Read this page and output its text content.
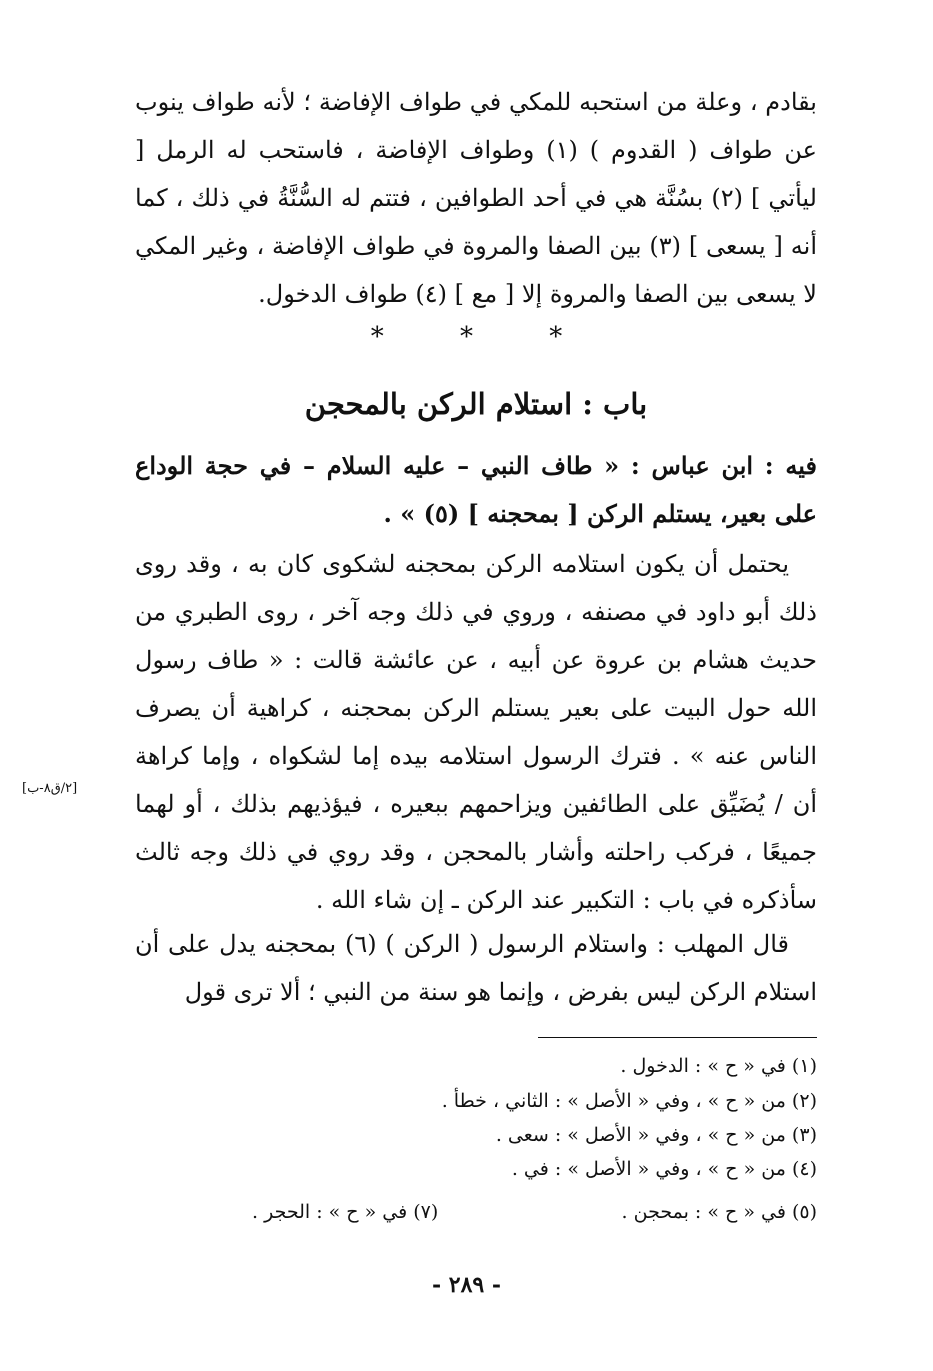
بقادم ، وعلة من استحبه للمكي في طواف الإفاضة ؛ لأنه طواف ينوب عن طواف ( القدوم ) (١) وطواف الإفاضة ، فاستحب له الرمل [ ليأتي ] (٢) بسُنَّة هي في أحد الطوافين ، فتتم له السُّنَّةُ في ذلك ، كما أنه [ يسعى ] (٣) بين الصفا والمروة في طواف الإفاضة ، وغير المكي لا يسعى بين الصفا والمروة إلا [ مع ] (٤) طواف الدخول.

*	*	*
باب : استلام الركن بالمحجن

فيه : ابن عباس : « طاف النبي – عليه السلام – في حجة الوداع على بعير، يستلم الركن [ بمحجنه ] (٥) » .

يحتمل أن يكون استلامه الركن بمحجنه لشكوى كان به ، وقد روى ذلك أبو داود في مصنفه ، وروي في ذلك وجه آخر ، روى الطبري من حديث هشام بن عروة عن أبيه ، عن عائشة قالت : « طاف رسول الله حول البيت على بعير يستلم الركن بمحجنه ، كراهية أن يصرف الناس عنه » . فترك الرسول استلامه بيده إما لشكواه ، وإما كراهة أن / يُضَيِّق على الطائفين ويزاحمهم ببعيره ، فيؤذيهم بذلك ، أو لهما جميعًا ، فركب راحلته وأشار بالمحجن ، وقد روي في ذلك وجه ثالث سأذكره في باب : التكبير عند الركن ـ إن شاء الله .

[٢/ق٨-ب]

قال المهلب : واستلام الرسول ( الركن ) (٦) بمحجنه يدل على أن استلام الركن ليس بفرض ، وإنما هو سنة من النبي ؛ ألا ترى قول

(١) في « ح » : الدخول .

(٢) من « ح » ، وفي « الأصل » : الثاني ، خطأ .

(٣) من « ح » ، وفي « الأصل » : سعى .

(٤) من « ح » ، وفي « الأصل » : في .

(٥) في « ح » : بمحجن .

(٧) في « ح » : الحجر .

- ٢٨٩ -
